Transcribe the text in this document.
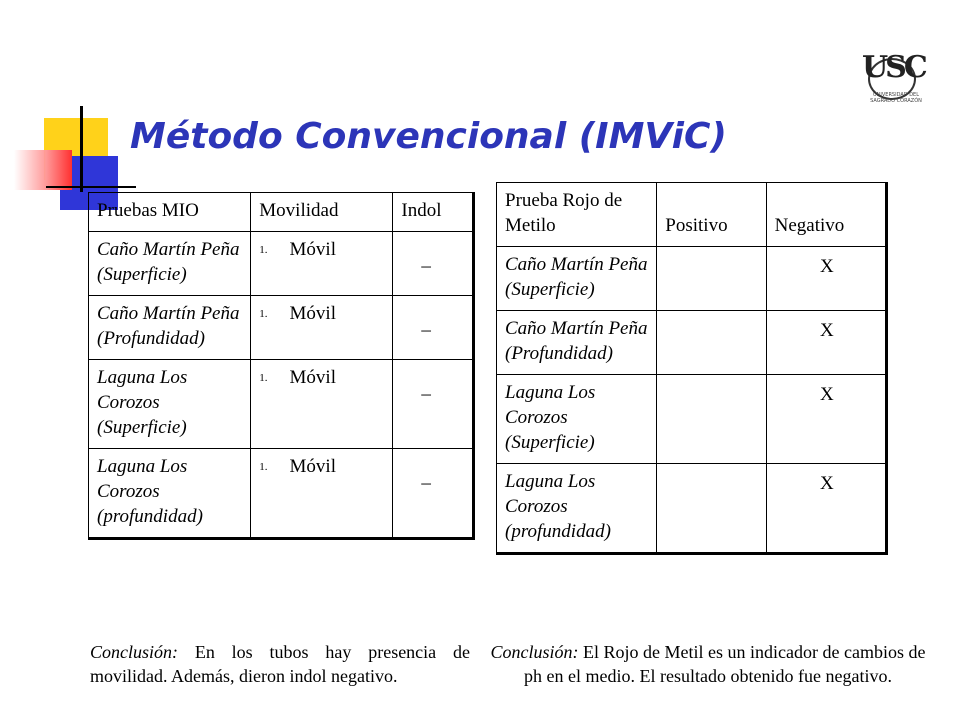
Método Convencional (IMViC)
USC
UNIVERSIDAD DEL SAGRADO CORAZÓN
Pruebas MIO	Movilidad	Indol
Caño Martín Peña (Superficie)	1. Móvil	_

Caño Martín Peña (Profundidad)	1. Móvil	_

Laguna Los Corozos (Superficie)	1. Móvil	_

Laguna Los Corozos (profundidad)	1. Móvil	_
Prueba Rojo de Metilo	Positivo	Negativo
Caño Martín Peña (Superficie)		X

Caño Martín Peña (Profundidad)		X

Laguna Los Corozos (Superficie)		X

Laguna Los Corozos (profundidad)		X

Conclusión: En los tubos hay presencia de movilidad. Además, dieron indol negativo.

Conclusión: El Rojo de Metil es un indicador de cambios de ph en el medio. El resultado obtenido fue negativo.
